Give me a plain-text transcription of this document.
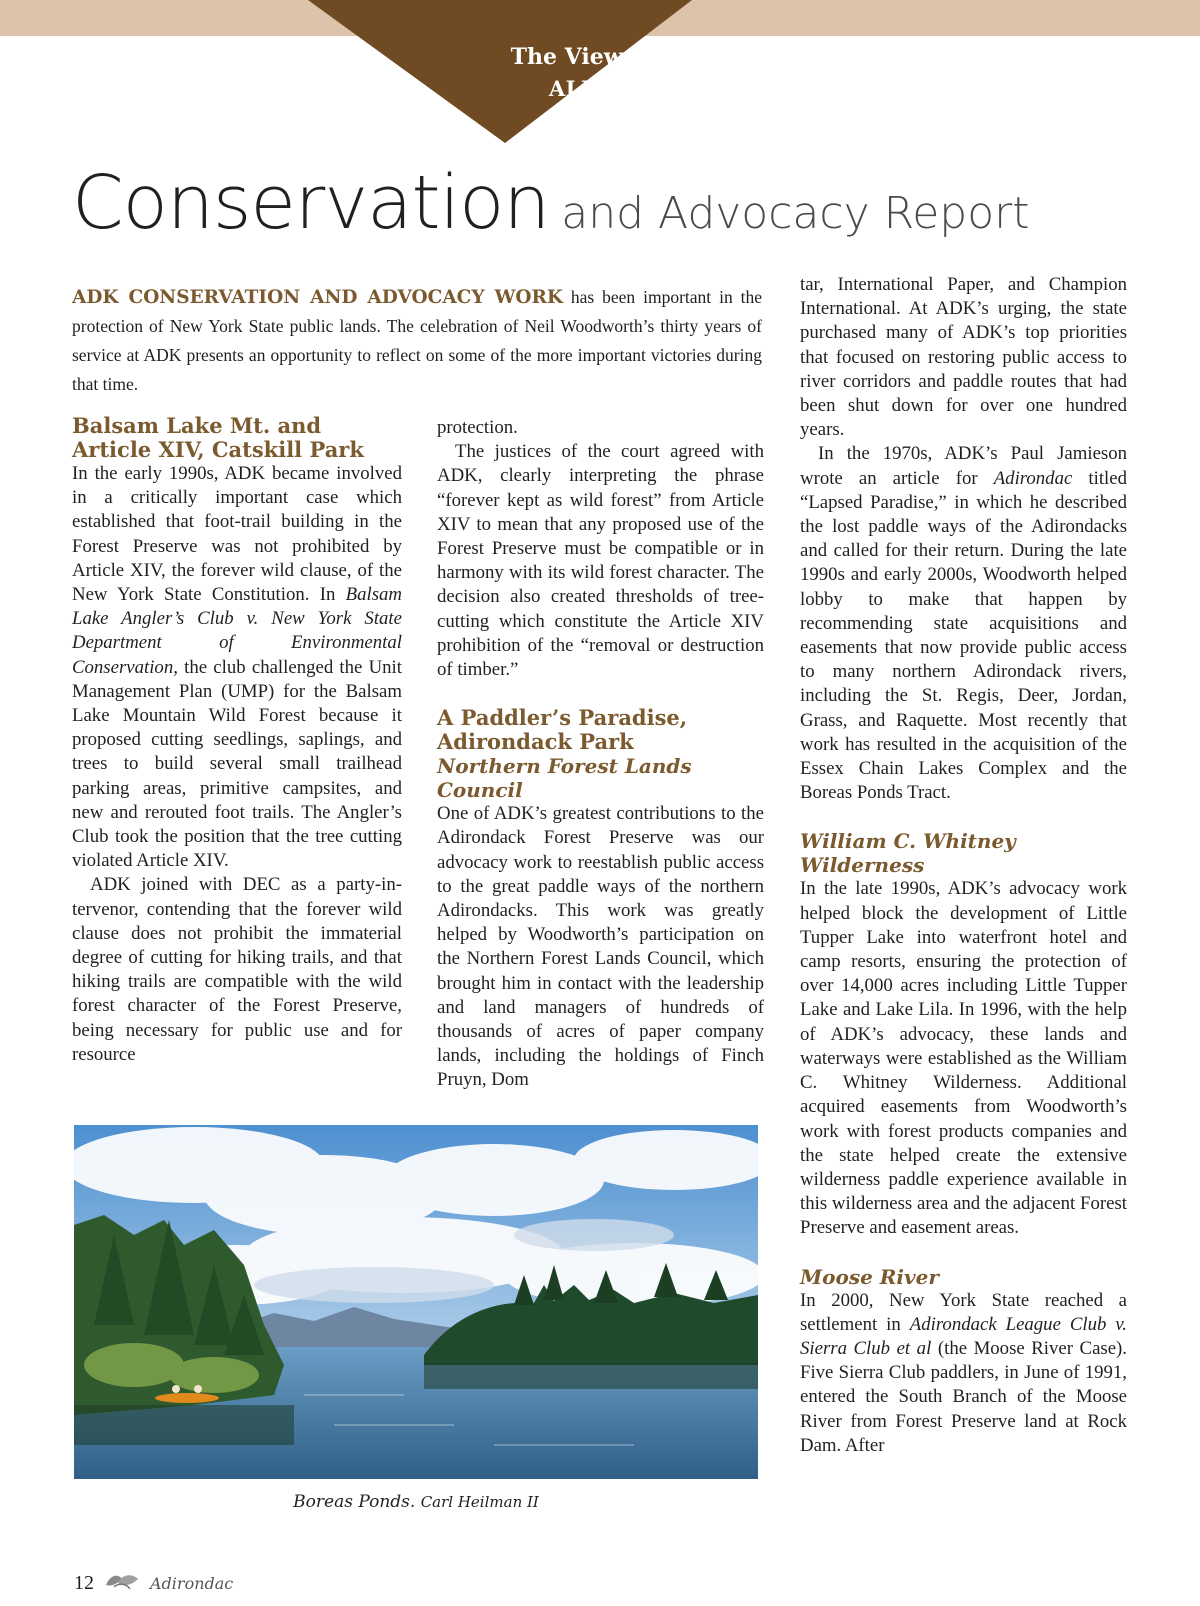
The View from
ALBANY
Conservation and Advocacy Report
ADK CONSERVATION AND ADVOCACY WORK has been important in the protection of New York State public lands. The celebration of Neil Woodworth’s thirty years of service at ADK presents an opportunity to reflect on some of the more important victories during that time.
Balsam Lake Mt. and Article XIV, Catskill Park

In the early 1990s, ADK became involved in a critically important case which established that foot-trail building in the Forest Preserve was not prohibited by Article XIV, the forever wild clause, of the New York State Constitution. In Balsam Lake Angler’s Club v. New York State Department of Environmental Conservation, the club challenged the Unit Management Plan (UMP) for the Balsam Lake Mountain Wild Forest because it proposed cutting seedlings, saplings, and trees to build several small trailhead parking areas, primitive campsites, and new and rerouted foot trails. The Angler’s Club took the position that the tree cutting violated Article XIV.

ADK joined with DEC as a party-intervenor, contending that the forever wild clause does not prohibit the immaterial degree of cutting for hiking trails, and that hiking trails are compatible with the wild forest character of the Forest Preserve, being necessary for public use and for resource

protection.

The justices of the court agreed with ADK, clearly interpreting the phrase “forever kept as wild forest” from Article XIV to mean that any proposed use of the Forest Preserve must be compatible or in harmony with its wild forest character. The decision also created thresholds of tree-cutting which constitute the Article XIV prohibition of the “removal or destruction of timber.”

A Paddler’s Paradise, Adirondack Park
Northern Forest Lands Council

One of ADK’s greatest contributions to the Adirondack Forest Preserve was our advocacy work to reestablish public access to the great paddle ways of the northern Adirondacks. This work was greatly helped by Woodworth’s participation on the Northern Forest Lands Council, which brought him in contact with the leadership and land managers of hundreds of thousands of acres of paper company lands, including the holdings of Finch Pruyn, Dom

tar, International Paper, and Champion International. At ADK’s urging, the state purchased many of ADK’s top priorities that focused on restoring public access to river corridors and paddle routes that had been shut down for over one hundred years.

In the 1970s, ADK’s Paul Jamieson wrote an article for Adirondac titled “Lapsed Paradise,” in which he described the lost paddle ways of the Adirondacks and called for their return. During the late 1990s and early 2000s, Woodworth helped lobby to make that happen by recommending state acquisitions and easements that now provide public access to many northern Adirondack rivers, including the St. Regis, Deer, Jordan, Grass, and Raquette. Most recently that work has resulted in the acquisition of the Essex Chain Lakes Complex and the Boreas Ponds Tract.

William C. Whitney Wilderness

In the late 1990s, ADK’s advocacy work helped block the development of Little Tupper Lake into waterfront hotel and camp resorts, ensuring the protection of over 14,000 acres including Little Tupper Lake and Lake Lila. In 1996, with the help of ADK’s advocacy, these lands and waterways were established as the William C. Whitney Wilderness. Additional acquired easements from Woodworth’s work with forest products companies and the state helped create the extensive wilderness paddle experience available in this wilderness area and the adjacent Forest Preserve and easement areas.

Moose River

In 2000, New York State reached a settlement in Adirondack League Club v. Sierra Club et al (the Moose River Case). Five Sierra Club paddlers, in June of 1991, entered the South Branch of the Moose River from Forest Preserve land at Rock Dam. After

Boreas Ponds. Carl Heilman II
12	Adirondac
